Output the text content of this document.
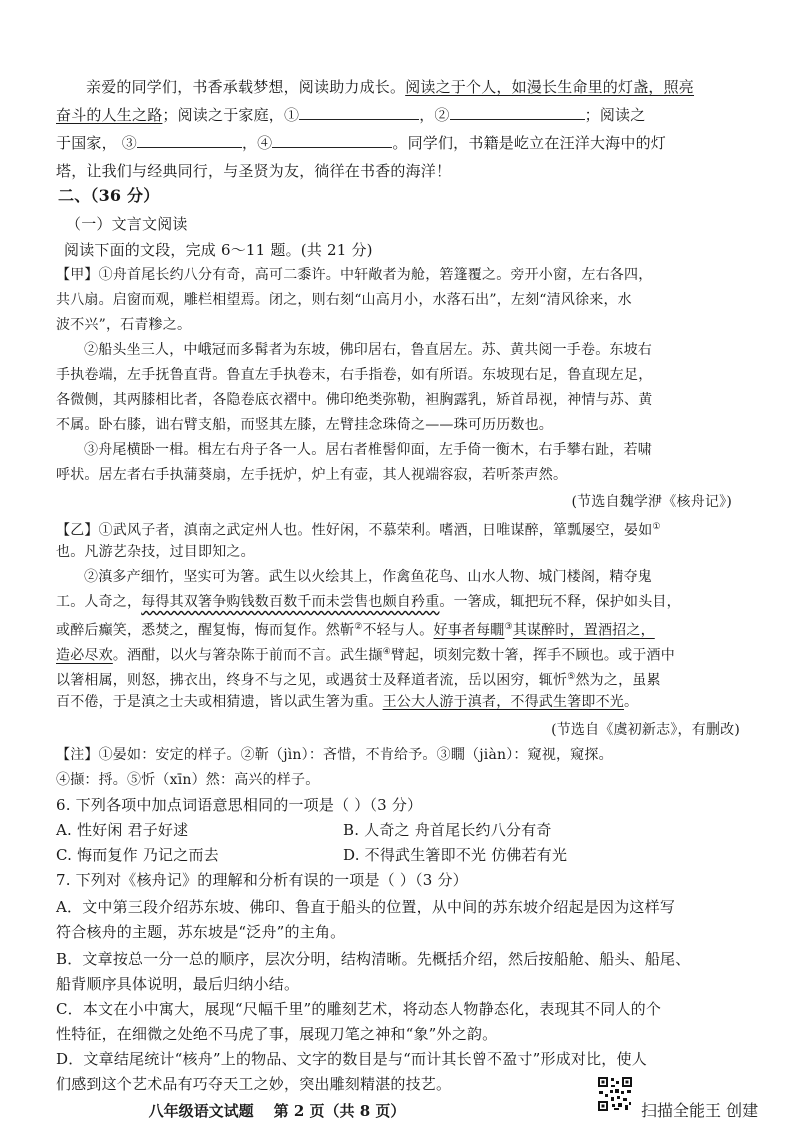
亲爱的同学们，书香承载梦想，阅读助力成长。阅读之于个人，如漫长生命里的灯盏，照亮
奋斗的人生之路；阅读之于家庭，①	，②	；阅读之
于国家， ③	，④	。同学们，书籍是屹立在汪洋大海中的灯
塔，让我们与经典同行，与圣贤为友，徜徉在书香的海洋！
二、（36 分）
（一）文言文阅读
阅读下面的文段，完成 6～11 题。(共 21 分)
【甲】①舟首尾长约八分有奇，高可二黍许。中轩敞者为舱，箬篷覆之。旁开小窗，左右各四，
共八扇。启窗而观，雕栏相望焉。闭之，则右刻“山高月小，水落石出”，左刻“清风徐来，水
波不兴”，石青糁之。
②船头坐三人，中峨冠而多髯者为东坡，佛印居右，鲁直居左。苏、黄共阅一手卷。东坡右
手执卷端，左手抚鲁直背。鲁直左手执卷末，右手指卷，如有所语。东坡现右足，鲁直现左足，
各微侧，其两膝相比者，各隐卷底衣褶中。佛印绝类弥勒，袒胸露乳，矫首昂视，神情与苏、黄
不属。卧右膝，诎右臂支船，而竖其左膝，左臂挂念珠倚之——珠可历历数也。
③舟尾横卧一楫。楫左右舟子各一人。居右者椎髻仰面，左手倚一衡木，右手攀右趾，若啸
呼状。居左者右手执蒲葵扇，左手抚炉，炉上有壶，其人视端容寂，若听茶声然。
(节选自魏学洢《核舟记》)
【乙】①武风子者，滇南之武定州人也。性好闲，不慕荣利。嗜酒，日唯谋醉，箪瓢屡空，晏如①
也。凡游艺杂技，过目即知之。
②滇多产细竹，坚实可为箸。武生以火绘其上，作禽鱼花鸟、山水人物、城门楼阁，精夺鬼
工。人奇之，每得其双箸争购钱数百数千而未尝售也颇自矜重。一箸成，辄把玩不释，保护如头目，
或醉后癫笑，悉焚之，醒复悔，悔而复作。然靳②不轻与人。好事者每瞯③其谋醉时，置酒招之，
造必尽欢。酒酣，以火与箸杂陈于前而不言。武生撷④臂起，顷刻完数十箸，挥手不顾也。或于酒中
以箸相属，则怒，拂衣出，终身不与之见，或遇贫士及释道者流，岳以困穷，辄忻⑤然为之，虽累
百不倦，于是滇之士夫或相猜遗，皆以武生箸为重。王公大人游于滇者，不得武生箸即不光。
(节选自《虞初新志》，有删改)
【注】①晏如：安定的样子。②靳（jìn）：吝惜，不肯给予。③瞯（jiàn）：窥视，窥探。
④撷：捋。⑤忻（xīn）然：高兴的样子。
6. 下列各项中加点词语意思相同的一项是（ ）（3 分）
A. 性好闲 君子好逑	B. 人奇之 舟首尾长约八分有奇
C. 悔而复作 乃记之而去	D. 不得武生箸即不光 仿佛若有光
7. 下列对《核舟记》的理解和分析有误的一项是（ ）（3 分）
A．文中第三段介绍苏东坡、佛印、鲁直于船头的位置，从中间的苏东坡介绍起是因为这样写
符合核舟的主题，苏东坡是“泛舟”的主角。
B．文章按总一分一总的顺序，层次分明，结构清晰。先概括介绍，然后按船舱、船头、船尾、
船背顺序具体说明，最后归纳小结。
C．本文在小中寓大，展现“尺幅千里”的雕刻艺术，将动态人物静态化，表现其不同人的个
性特征，在细微之处绝不马虎了事，展现刀笔之神和“象”外之韵。
D．文章结尾统计“核舟”上的物品、文字的数目是与“而计其长曾不盈寸”形成对比，使人
们感到这个艺术品有巧夺天工之妙，突出雕刻精湛的技艺。
八年级语文试题 第 2 页（共 8 页）	扫描全能王 创建
